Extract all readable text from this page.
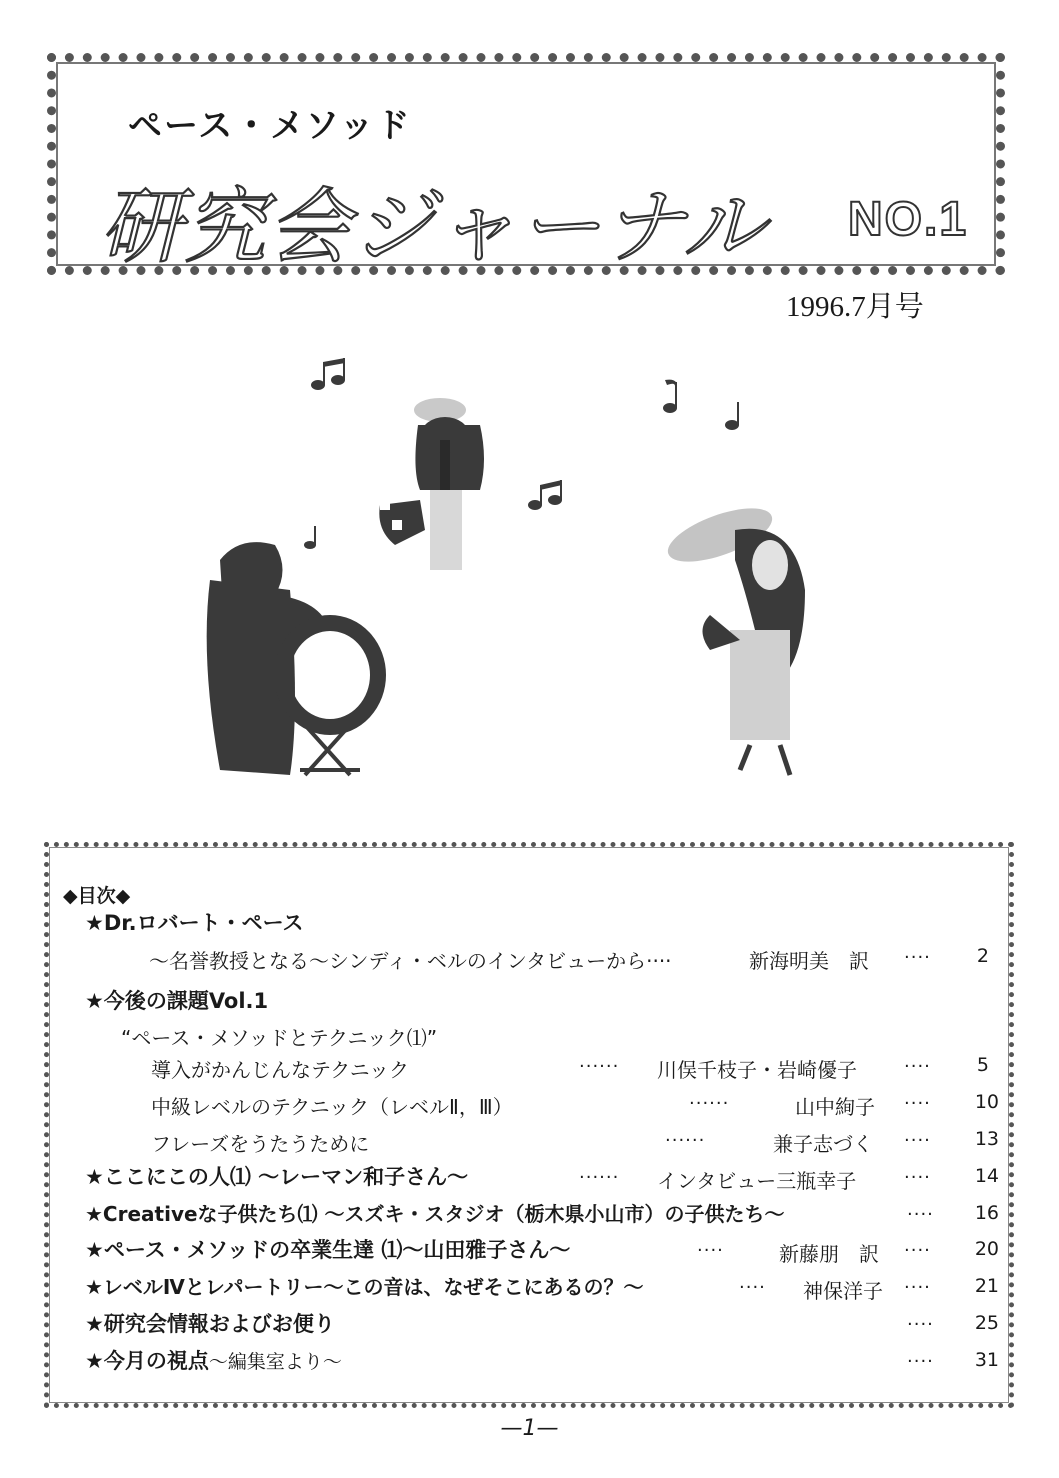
ペース・メソッド
研究会ジャーナル NO.1
1996.7月号
◆目次◆
★Dr.ロバート・ペース
〜名誉教授となる〜シンディ・ベルのインタビューから····	新海明美　訳 ····	2
★今後の課題Vol.1
“ペース・メソッドとテクニック⑴”
導入がかんじんなテクニック	······ 川俣千枝子・岩崎優子	····	5
中級レベルのテクニック（レベルⅡ，Ⅲ）	······	山中絢子 ····	10
フレーズをうたうために	······	兼子志づく ····	13
★ここにこの人⑴ 〜レーマン和子さん〜	······ インタビュー三瓶幸子	····	14
★Creativeな子供たち⑴ 〜スズキ・スタジオ（栃木県小山市）の子供たち〜	····	16
★ペース・メソッドの卒業生達 ⑴〜山田雅子さん〜	····	新藤朋　訳 ····	20
★レベルⅣとレパートリー〜この音は、なぜそこにあるの？〜	···· 神保洋子 ····	21
★研究会情報およびお便り	····	25
★今月の視点〜編集室より〜	····	31
—1—
